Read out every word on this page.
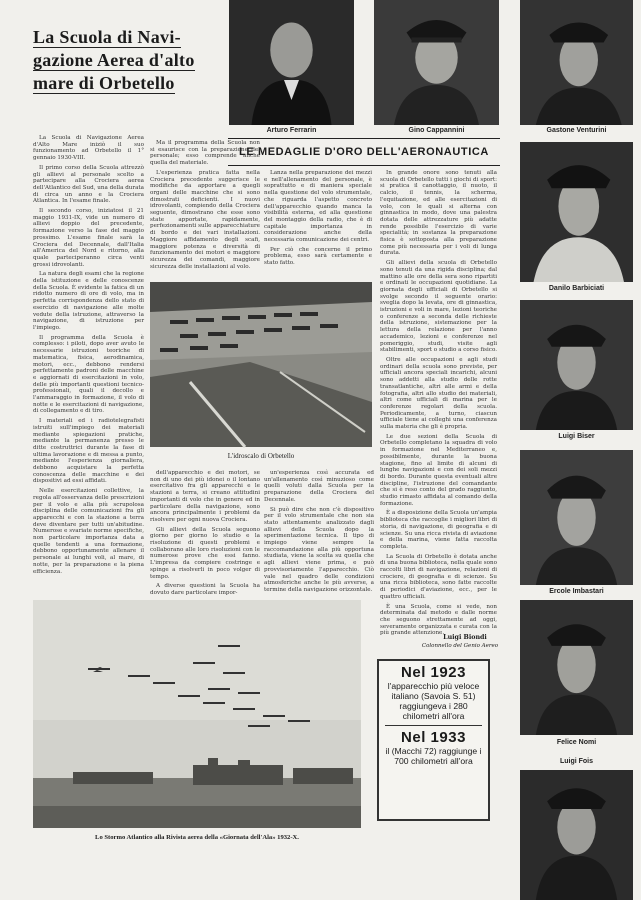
La Scuola di Navi-
gazione Aerea d'alto
mare di Orbetello
Arturo Ferrarin	Gino Cappannini	Gastone Venturini
LE MEDAGLIE D'ORO DELL'AERONAUTICA
Danilo Barbiciati
Luigi Biser
Ercole Imbastari
Felice Nomi
Luigi Fois

La Scuola di Navigazione Aerea d'Alto Mare iniziò il suo funzionamento ad Orbetello il 1° gennaio 1930-VIII.

Il primo corso della Scuola attrezzò gli allievi al personale scelto a partecipare alla Crociera aerea dell'Atlantico del Sud, una della durata di circa un anno e la Crociera Atlantica. In l'esame finale.

Il secondo corso, iniziatosi il 21 maggio 1931-IX, vide un numero di allievi doppio del precedente, formazione verso la fase del maggio prossimo. L'esame finale sarà la Crociera del Decennale, dall'Italia all'America del Nord e ritorno, alla quale parteciperanno circa venti grossi idrovolanti.

La natura degli esami che la regione della istituzione e delle conoscenze della Scuola. È evidente la fatica di un ridotto numero di ore di volo, ma in perfetta corrispondenza dello stato di esercizio di navigazione alle molte vedute della istruzione, attraverso la navigazione, di istruzione per l'impiego.

Il programma della Scuola è complesso: i piloti, dopo aver avuto le necessarie istruzioni teoriche di matematica, fisica, aerodinamica, motori, ecc., debbono rendersi perfettamente padroni delle macchine e aggiornati di esercitazioni in volo, delle più importanti questioni tecnico-professionali, quali il decollo e l'ammaraggio in formazione, il volo di notte e le esercitazioni di navigazione, di collegamento e di tiro.

I materiali ed i radiotelegrafisti istruiti sull'impiego dei materiali mediante spiegazioni pratiche, mediante la permanenza presso le ditte costruttrici durante la fase di ultima lavorazione e di messa a punto, mediante l'esperienza giornaliera, debbono acquistare la perfetta conoscenza delle macchine e dei dispositivi ad essi affidati.

Nelle esercitazioni collettive, la regola all'osservanza delle prescrizioni per il volo e alla più scrupolosa disciplina delle comunicazioni fra gli apparecchi e con la stazione a terra deve diventare per tutti un'abitudine. Numerose e svariate norme specifiche, non particolare importanza data a quelle tendenti a una formazione, debbono opportunamente allenare il personale ai lunghi voli, al mare, di notte, per la preparazione e la piena efficienza.

Ma il programma della Scuola non si esaurisce con la preparazione del personale; esso comprende anche quella del materiale.

L'esperienza pratica fatta nella Crociera precedente suggerisce le modifiche da apportare a quegli organi delle macchine che si sono dimostrati deficienti. I nuovi idrovolanti, compiendo della Crociera seguente, dimostrano che esse sono state apportate, rapidamente, perfezionamenti sulle apparecchiature di bordo e dei vari installazioni. Maggiore affidamento degli scafi, maggiore potenza e diversità di funzionamento dei motori e maggiore sicurezza dei comandi, maggiore sicurezza delle installazioni al volo.

Lanza nella preparazione dei mezzi e nell'allenamento del personale, è soprattutto e di maniera speciale nella questione del volo strumentale, che riguarda l'aspetto concreto dell'apparecchio quando manca la visibilità esterna, ed alla questione del montaggio della radio, che è di capitale importanza in considerazione anche della necessaria comunicazione dei centri.

Per ciò che concerne il primo problema, esso sarà certamente e stato fatto.

In grande onore sono tenuti alla scuola di Orbetello tutti i giochi di sport: si pratica il canottaggio, il nuoto, il calcio, il tennis, la scherma, l'equitazione, ed alle esercitazioni di volo, con le quali si alterna con ginnastica in modo, dove una palestra dotata delle attrezzature più adatte rende possibile l'esercizio di varie specialità; in sostanza la preparazione fisica è sottoposta alla preparazione come più necessaria per i voli di lunga durata.

Gli allievi della scuola di Orbetello sono tenuti da una rigida disciplina; dal mattino alle ore della sera sono ripartiti e ordinati le occupazioni quotidiane. La giornata degli ufficiali di Orbetello si svolge secondo il seguente orario: sveglia dopo la levata, ore di ginnastica, istruzioni e voli in mare, lezioni teoriche o conferenze a seconda delle richieste della istruzione, sistemazione per la lettura della relazione per l'anno accademico, lezioni e conferenze nel pomeriggio, studi, visite agli stabilimenti, sport o studio a corso fisico.

Oltre alle occupazioni e agli studi ordinari della scuola sono previste, per ufficiali ancora speciali incarichi, alcuni sono addetti alla studio delle rotte transatlantiche, altri alle armi e della fotografia, altri allo studio dei materiali, altri come ufficiali di marina per le conferenze regolari della scuola. Periodicamente, a turno, ciascun ufficiale tiene ai colleghi una conferenza sulla materia che gli è propria.

Le due sezioni della Scuola di Orbetello completano la squadra di volo in formazione nel Mediterraneo e, possibilmente, durante la buona stagione, fino al limite di alcuni di lunghe navigazioni e con dei soli mezzi di bordo. Durante questa eventuali altre discipline, l'istruzione del comandante che si è reso conto del grado raggiunto, studio rimasto affidata al comando della formazione.

È a disposizione della Scuola un'ampia biblioteca che raccoglie i migliori libri di storia, di navigazione, di geografia e di scienze. Su una ricca rivista di aviazione e della marina, viene fatta raccolta completa.

La Scuola di Orbetello è dotata anche di una buona biblioteca, nella quale sono raccolti libri di navigazione, relazioni di crociere, di geografia e di scienze. Su una ricca biblioteca, sono fatte raccolte di periodici d'aviazione, ecc., per le quattro ufficiali.

È una Scuola, come si vede, non determinata dal metodo e dalle norme che seguono strettamente ad oggi, severamente organizzata e curata con la più grande attenzione.

Luigi Biondi
Colonnello del Genio Aereo
L'idroscalo di Orbetello

dell'apparecchio e dei motori, se non di uno dei più idonei o il lontano esercitativo fra gli apparecchi e le stazioni a terra, si creano attitudini importanti di volo che in genere ed in particolare della navigazione, sono ancora principalmente i problemi da risolvere per ogni nuova Crociera.

Gli allievi della Scuola seguono giorno per giorno lo studio e la risoluzione di questi problemi e collaborano alle loro risoluzioni con le numerose prove che essi fanno. L'impresa da compiere costringe e spinge a risolverli in poco volger di tempo.

A diverse questioni la Scuola ha dovuto dare particolare impor-

un'esperienza così accurata ed un'allenamento così minuzioso come quelli voluti dalla Scuola per la preparazione della Crociera del Decennale.

Si può dire che non c'è dispositivo per il volo strumentale che non sia stato attentamente analizzato dagli allievi della Scuola dopo la sperimentazione tecnica. Il tipo di impiego viene sempre la raccomandazione alla più opportuna studiata, viene la scelta su quella che agli allievi viene prima, e può provvisoriamente l'apparecchio. Ciò vale nel quadro delle condizioni atmosferiche anche le più avverse, a termine della navigazione orizzontale.

Lo Stormo Atlantico alla Rivista aerea della «Giornata dell'Ala» 1932-X.
Nel 1923
l'apparecchio più veloce italiano (Savoia S. 51) raggiungeva i 280 chilometri all'ora
Nel 1933
il (Macchi 72) raggiunge i 700 chilometri all'ora
